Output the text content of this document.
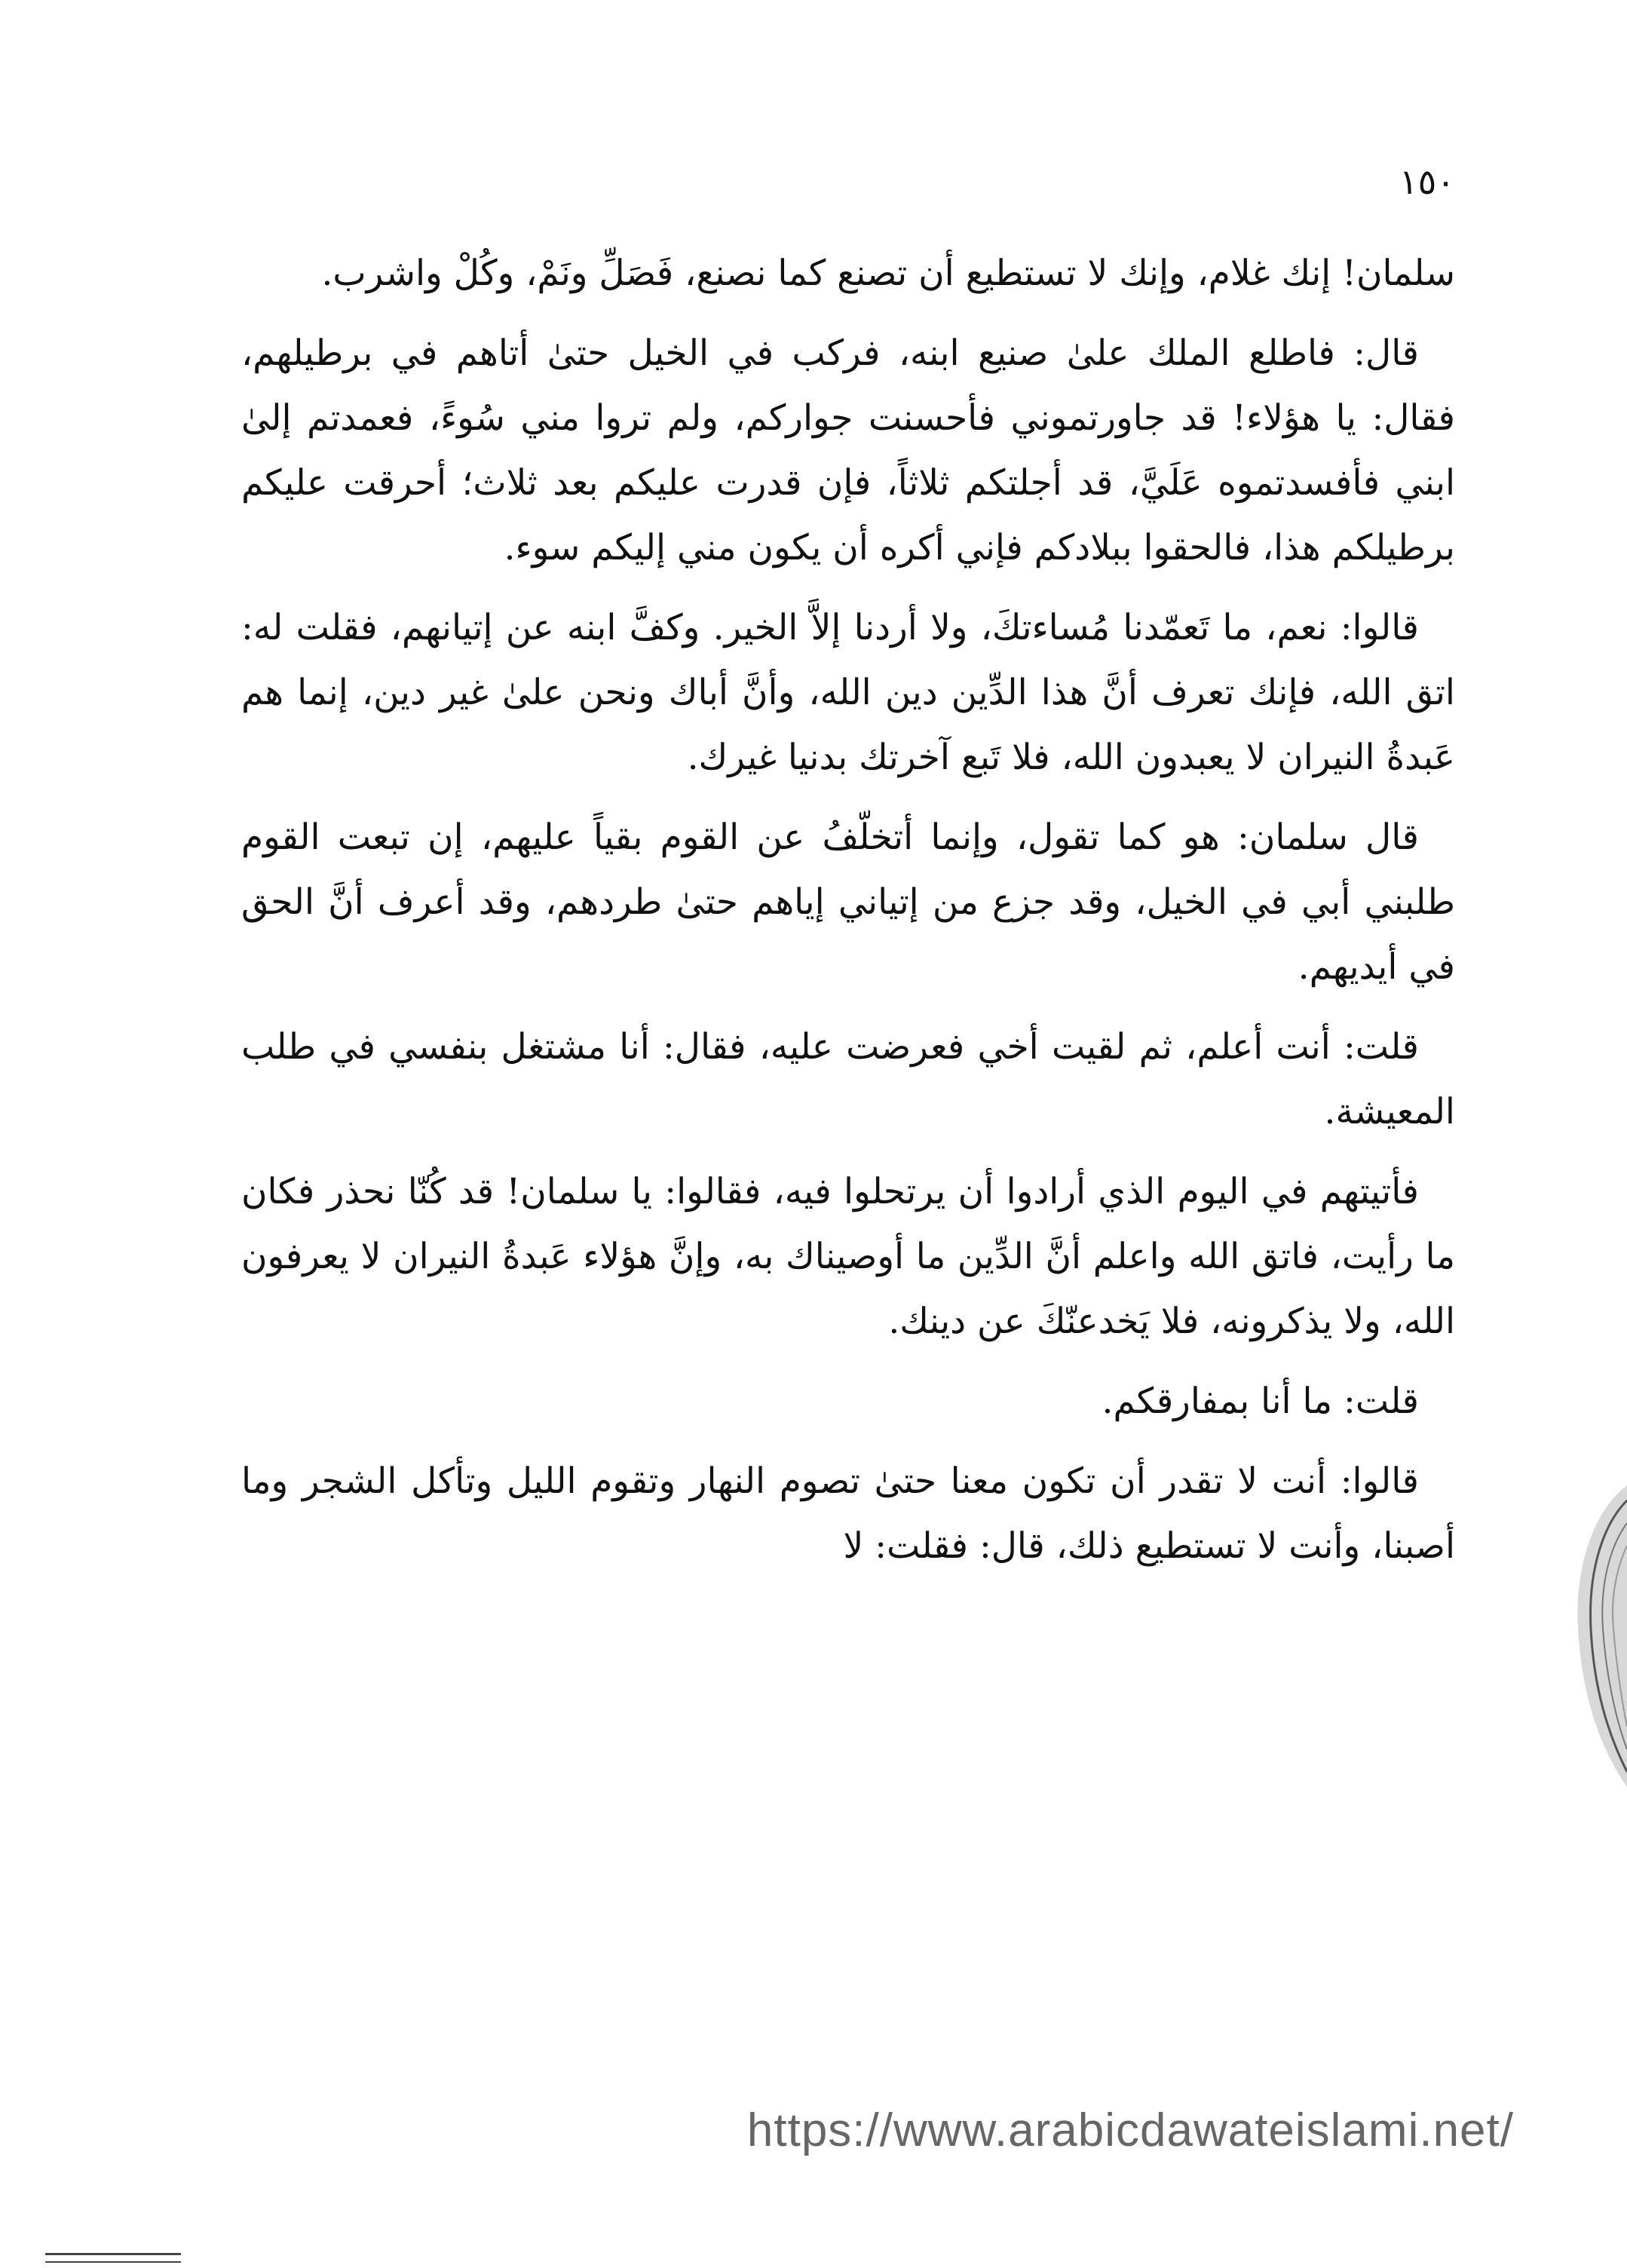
١٥٠

سلمان! إنك غلام، وإنك لا تستطيع أن تصنع كما نصنع، فَصَلِّ ونَمْ، وكُلْ واشرب.

قال: فاطلع الملك علىٰ صنيع ابنه، فركب في الخيل حتىٰ أتاهم في برطيلهم، فقال: يا هؤلاء! قد جاورتموني فأحسنت جواركم، ولم تروا مني سُوءً، فعمدتم إلىٰ ابني فأفسدتموه عَلَيَّ، قد أجلتكم ثلاثاً، فإن قدرت عليكم بعد ثلاث؛ أحرقت عليكم برطيلكم هذا، فالحقوا ببلادكم فإني أكره أن يكون مني إليكم سوء.

قالوا: نعم، ما تَعمّدنا مُساءتكَ، ولا أردنا إلاَّ الخير. وكفَّ ابنه عن إتيانهم، فقلت له: اتق الله، فإنك تعرف أنَّ هذا الدِّين دين الله، وأنَّ أباك ونحن علىٰ غير دين، إنما هم عَبدةُ النيران لا يعبدون الله، فلا تَبع آخرتك بدنيا غيرك.

قال سلمان: هو كما تقول، وإنما أتخلّفُ عن القوم بقياً عليهم، إن تبعت القوم طلبني أبي في الخيل، وقد جزع من إتياني إياهم حتىٰ طردهم، وقد أعرف أنَّ الحق في أيديهم.

قلت: أنت أعلم، ثم لقيت أخي فعرضت عليه، فقال: أنا مشتغل بنفسي في طلب المعيشة.

فأتيتهم في اليوم الذي أرادوا أن يرتحلوا فيه، فقالوا: يا سلمان! قد كُنّا نحذر فكان ما رأيت، فاتق الله واعلم أنَّ الدِّين ما أوصيناك به، وإنَّ هؤلاء عَبدةُ النيران لا يعرفون الله، ولا يذكرونه، فلا يَخدعنّكَ عن دينك.

قلت: ما أنا بمفارقكم.

قالوا: أنت لا تقدر أن تكون معنا حتىٰ تصوم النهار وتقوم الليل وتأكل الشجر وما أصبنا، وأنت لا تستطيع ذلك، قال: فقلت: لا

https://www.arabicdawateislami.net/
